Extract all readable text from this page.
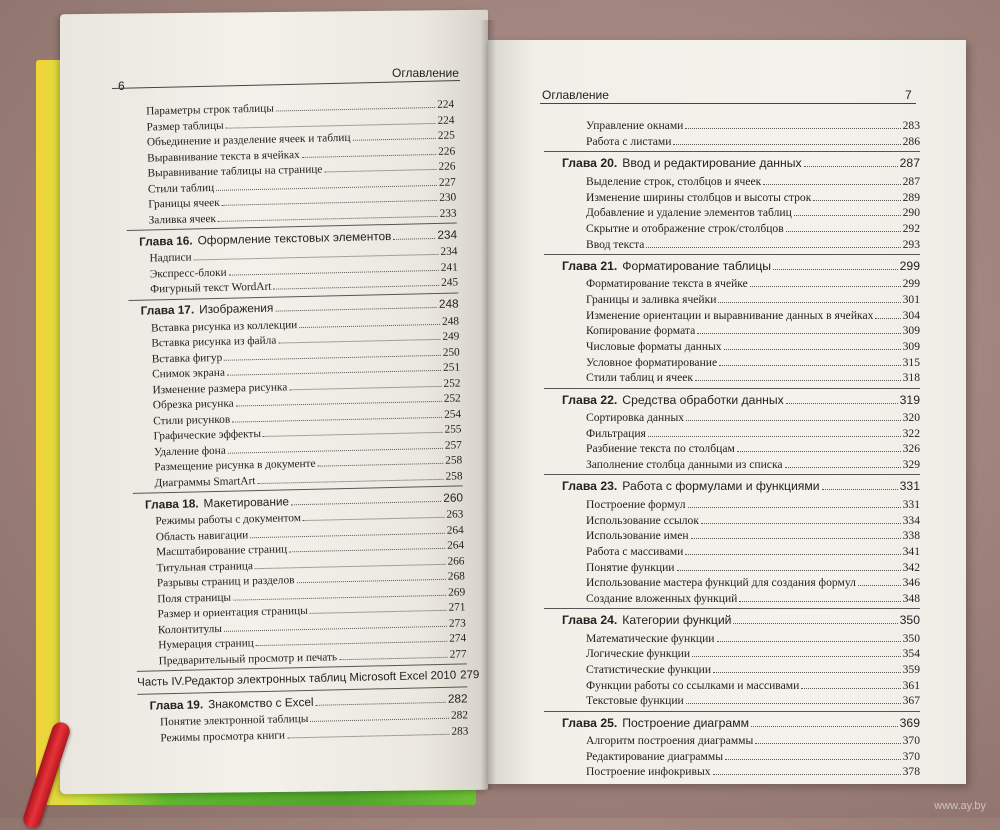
6
Оглавление
Оглавление	7
Параметры строк таблицы	224
Размер таблицы	224
Объединение и разделение ячеек и таблиц	225
Выравнивание текста в ячейках	226
Выравнивание таблицы на странице	226
Стили таблиц	227
Границы ячеек	230
Заливка ячеек	233
Глава 16. Оформление текстовых элементов	234
Надписи	234
Экспресс-блоки	241
Фигурный текст WordArt	245
Глава 17. Изображения	248
Вставка рисунка из коллекции	248
Вставка рисунка из файла	249
Вставка фигур	250
Снимок экрана	251
Изменение размера рисунка	252
Обрезка рисунка	252
Стили рисунков	254
Графические эффекты	255
Удаление фона	257
Размещение рисунка в документе	258
Диаграммы SmartArt	258
Глава 18. Макетирование	260
Режимы работы с документом	263
Область навигации	264
Масштабирование страниц	264
Титульная страница	266
Разрывы страниц и разделов	268
Поля страницы	269
Размер и ориентация страницы	271
Колонтитулы	273
Нумерация страниц	274
Предварительный просмотр и печать	277
Часть IV. Редактор электронных таблиц Microsoft Excel 2010 279
Глава 19. Знакомство с Excel	282
Понятие электронной таблицы	282
Режимы просмотра книги	283
Управление окнами	283
Работа с листами	286
Глава 20. Ввод и редактирование данных	287
Выделение строк, столбцов и ячеек	287
Изменение ширины столбцов и высоты строк	289
Добавление и удаление элементов таблиц	290
Скрытие и отображение строк/столбцов	292
Ввод текста	293
Глава 21. Форматирование таблицы	299
Форматирование текста в ячейке	299
Границы и заливка ячейки	301
Изменение ориентации и выравнивание данных в ячейках	304
Копирование формата	309
Числовые форматы данных	309
Условное форматирование	315
Стили таблиц и ячеек	318
Глава 22. Средства обработки данных	319
Сортировка данных	320
Фильтрация	322
Разбиение текста по столбцам	326
Заполнение столбца данными из списка	329
Глава 23. Работа с формулами и функциями	331
Построение формул	331
Использование ссылок	334
Использование имен	338
Работа с массивами	341
Понятие функции	342
Использование мастера функций для создания формул	346
Создание вложенных функций	348
Глава 24. Категории функций	350
Математические функции	350
Логические функции	354
Статистические функции	359
Функции работы со ссылками и массивами	361
Текстовые функции	367
Глава 25. Построение диаграмм	369
Алгоритм построения диаграммы	370
Редактирование диаграммы	370
Построение инфокривых	378
www.ay.by
